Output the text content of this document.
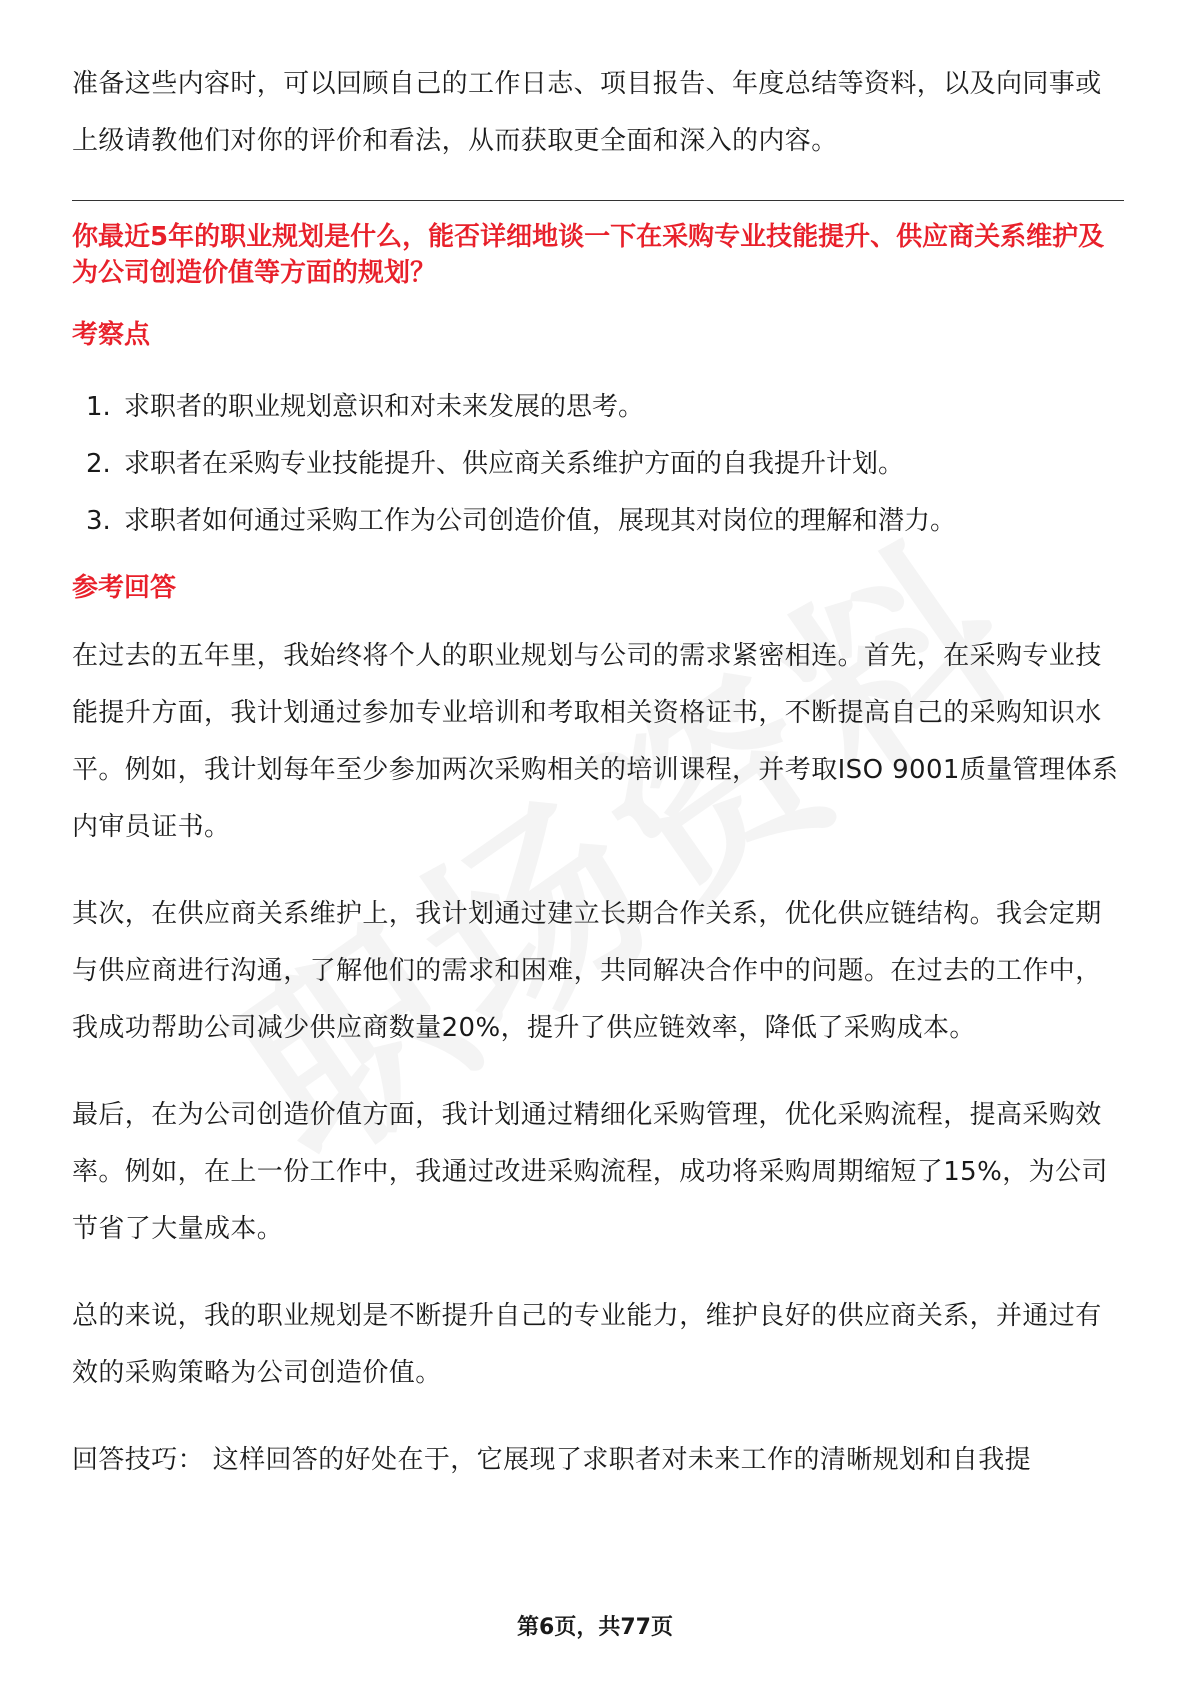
准备这些内容时，可以回顾自己的工作日志、项目报告、年度总结等资料，以及向同事或上级请教他们对你的评价和看法，从而获取更全面和深入的内容。

你最近5年的职业规划是什么，能否详细地谈一下在采购专业技能提升、供应商关系维护及为公司创造价值等方面的规划？

考察点
1. 求职者的职业规划意识和对未来发展的思考。
2. 求职者在采购专业技能提升、供应商关系维护方面的自我提升计划。
3. 求职者如何通过采购工作为公司创造价值，展现其对岗位的理解和潜力。
参考回答

在过去的五年里，我始终将个人的职业规划与公司的需求紧密相连。首先，在采购专业技能提升方面，我计划通过参加专业培训和考取相关资格证书，不断提高自己的采购知识水平。例如，我计划每年至少参加两次采购相关的培训课程，并考取ISO 9001质量管理体系内审员证书。

其次，在供应商关系维护上，我计划通过建立长期合作关系，优化供应链结构。我会定期与供应商进行沟通，了解他们的需求和困难，共同解决合作中的问题。在过去的工作中，我成功帮助公司减少供应商数量20%，提升了供应链效率，降低了采购成本。

最后，在为公司创造价值方面，我计划通过精细化采购管理，优化采购流程，提高采购效率。例如，在上一份工作中，我通过改进采购流程，成功将采购周期缩短了15%，为公司节省了大量成本。

总的来说，我的职业规划是不断提升自己的专业能力，维护良好的供应商关系，并通过有效的采购策略为公司创造价值。

回答技巧： 这样回答的好处在于，它展现了求职者对未来工作的清晰规划和自我提

第6页，共77页
